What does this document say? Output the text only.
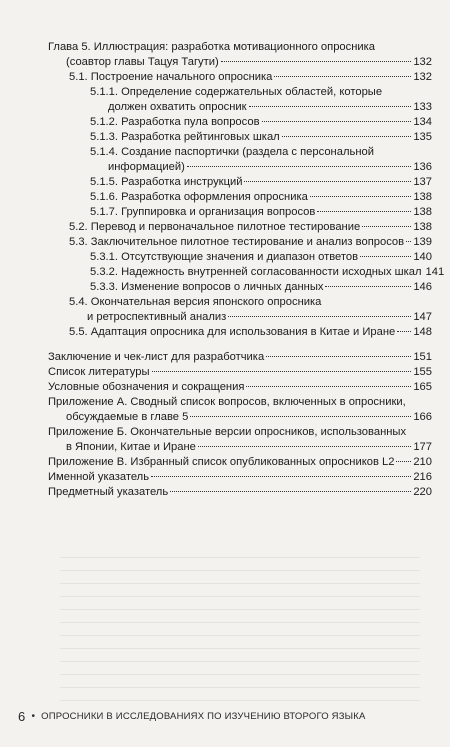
Глава 5. Иллюстрация: разработка мотивационного опросника
(соавтор главы Тацуя Тагути)	132
5.1. Построение начального опросника	132
5.1.1. Определение содержательных областей, которые
должен охватить опросник	133
5.1.2. Разработка пула вопросов	134
5.1.3. Разработка рейтинговых шкал	135
5.1.4. Создание паспортички (раздела с персональной
информацией)	136
5.1.5. Разработка инструкций	137
5.1.6. Разработка оформления опросника	138
5.1.7. Группировка и организация вопросов	138
5.2. Перевод и первоначальное пилотное тестирование	138
5.3. Заключительное пилотное тестирование и анализ вопросов 139
5.3.1. Отсутствующие значения и диапазон ответов	140
5.3.2. Надежность внутренней согласованности исходных шкал 141
5.3.3. Изменение вопросов о личных данных	146
5.4. Окончательная версия японского опросника
и ретроспективный анализ	147
5.5. Адаптация опросника для использования в Китае и Иране 148
Заключение и чек-лист для разработчика	151
Список литературы	155
Условные обозначения и сокращения	165
Приложение А. Сводный список вопросов, включенных в опросники,
обсуждаемые в главе 5	166
Приложение Б. Окончательные версии опросников, использованных
в Японии, Китае и Иране	177
Приложение В. Избранный список опубликованных опросников L2 210
Именной указатель	216
Предметный указатель	220
6 • ОПРОСНИКИ В ИССЛЕДОВАНИЯХ ПО ИЗУЧЕНИЮ ВТОРОГО ЯЗЫКА
